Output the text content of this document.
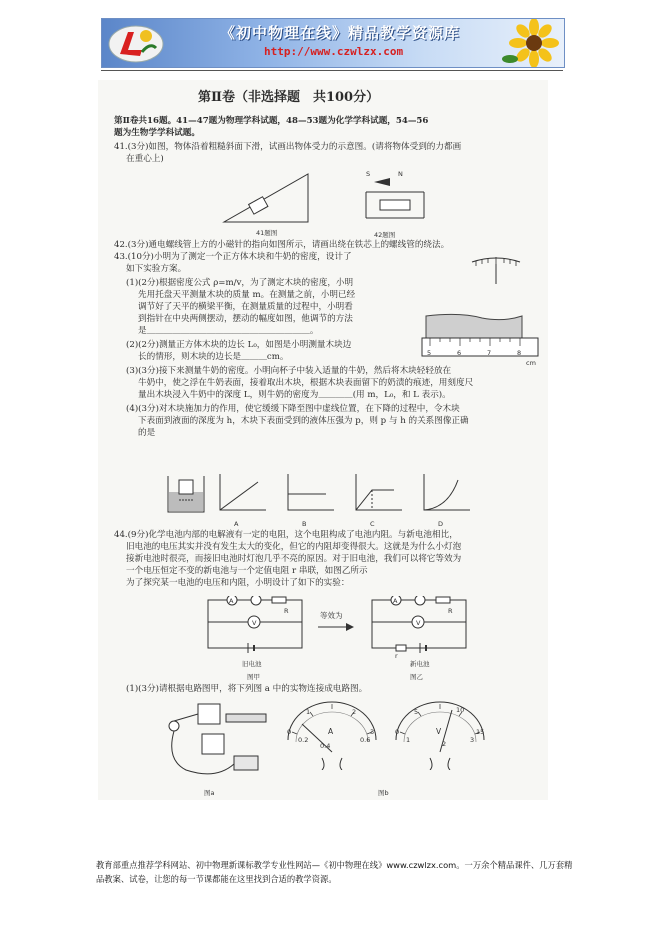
《初中物理在线》精品教学资源库
http://www.czwlzx.com
第Ⅱ卷（非选择题　共100分）
第Ⅱ卷共16题。41—47题为物理学科试题，48—53题为化学学科试题，54—56
题为生物学学科试题。
41.(3分)如图，物体沿着粗糙斜面下滑，试画出物体受力的示意图。(请将物体受到的力都画
在重心上)
41题图
S	N
42题图
42.(3分)通电螺线管上方的小磁针的指向如图所示，请画出绕在铁芯上的螺线管的绕法。
43.(10分)小明为了测定一个正方体木块和牛奶的密度，设计了
如下实验方案。
(1)(2分)根据密度公式 ρ=m/v，为了测定木块的密度，小明
先用托盘天平测量木块的质量 m。在测量之前，小明已经
调节好了天平的横梁平衡，在测量质量的过程中，小明看
到指针在中央两侧摆动，摆动的幅度如图，他调节的方法
是＿＿＿＿＿＿＿＿＿＿＿＿＿＿＿＿＿＿＿。
(2)(2分)测量正方体木块的边长 L₀，如图是小明测量木块边
长的情形，则木块的边长是＿＿＿cm。
(3)(3分)接下来测量牛奶的密度。小明向杯子中装入适量的牛奶，然后将木块轻轻放在
牛奶中，使之浮在牛奶表面，接着取出木块，根据木块表面留下的奶渍的痕迹，用刻度尺
量出木块浸入牛奶中的深度 L，则牛奶的密度为＿＿＿＿(用 m，L₀，和 L 表示)。
(4)(3分)对木块施加力的作用，使它缓缓下降至图中虚线位置，在下降的过程中，令木块
下表面到液面的深度为 h，木块下表面受到的液体压强为 p，则 p 与 h 的关系图像正确
的是
5	6	7	8
cm
A	B	C	D
44.(9分)化学电池内部的电解液有一定的电阻，这个电阻构成了电池内阻。与新电池相比，
旧电池的电压其实并没有发生太大的变化，但它的内阻却变得很大。这就是为什么小灯泡
接新电池时很亮，而接旧电池时灯泡几乎不亮的原因。对于旧电池，我们可以将它等效为
一个电压恒定不变的新电池与一个定值电阻 r 串联，如图乙所示
为了探究某一电池的电压和内阻，小明设计了如下的实验：
A
V
R
旧电池
图甲
等效为
A
V
R
r
新电池
图乙
(1)(3分)请根据电路图甲，将下列图 a 中的实物连接成电路图。
图a
A
0
1	2
3
0.2
0.4
0.6
V
0
5	10
15
1	2	3
图b
教育部重点推荐学科网站、初中物理新课标教学专业性网站—《初中物理在线》www.czwlzx.com。一万余个精品课件、几万套精品教案、试卷，让您的每一节课都能在这里找到合适的教学资源。
